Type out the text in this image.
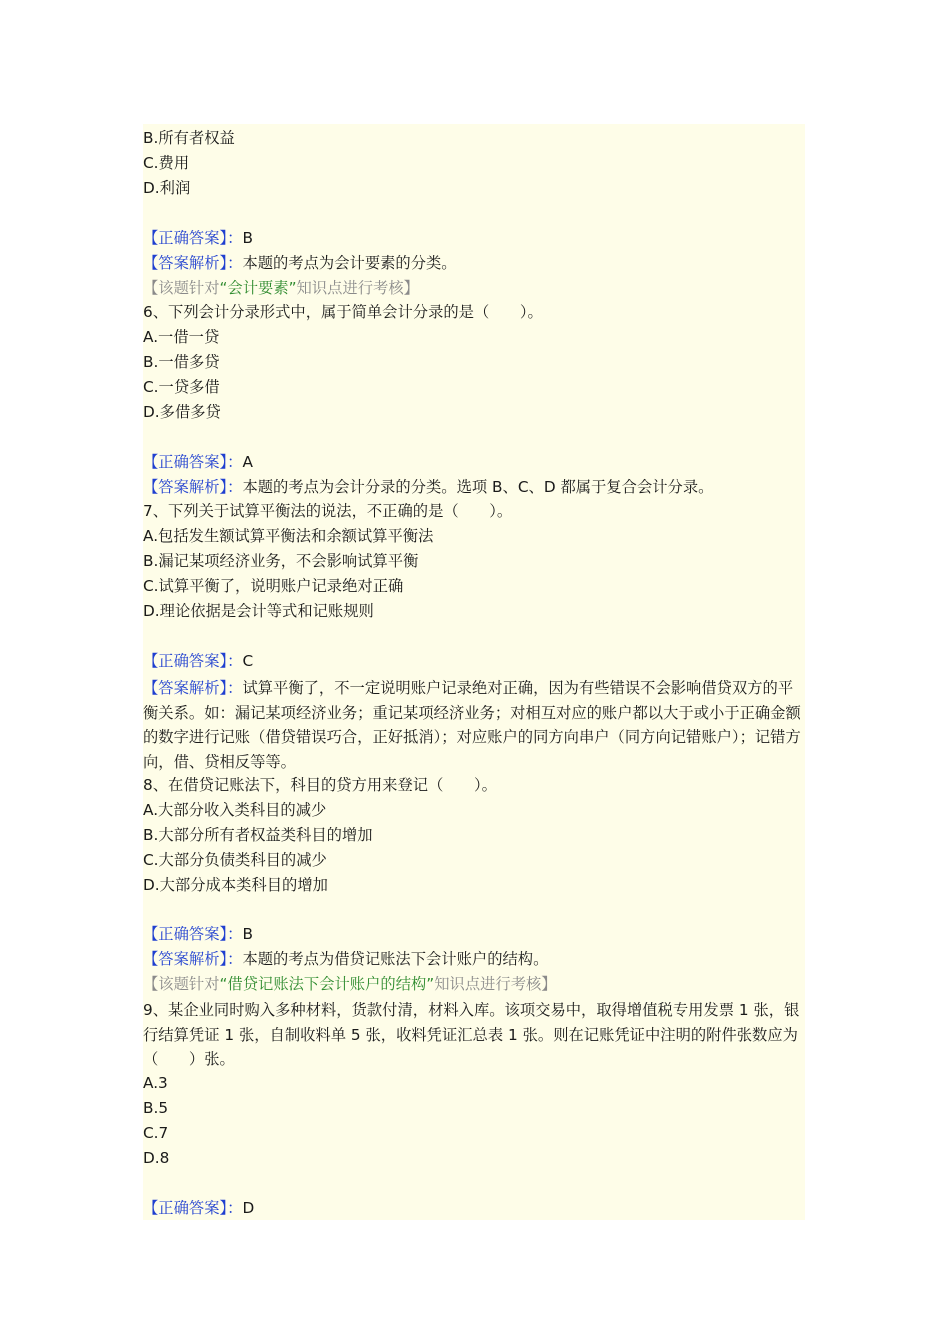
B.所有者权益
C.费用
D.利润
【正确答案】：B
【答案解析】：本题的考点为会计要素的分类。
【该题针对“会计要素”知识点进行考核】
6、下列会计分录形式中，属于简单会计分录的是（　　）。
A.一借一贷
B.一借多贷
C.一贷多借
D.多借多贷
【正确答案】：A
【答案解析】：本题的考点为会计分录的分类。选项 B、C、D 都属于复合会计分录。
7、下列关于试算平衡法的说法，不正确的是（　　）。
A.包括发生额试算平衡法和余额试算平衡法
B.漏记某项经济业务，不会影响试算平衡
C.试算平衡了，说明账户记录绝对正确
D.理论依据是会计等式和记账规则
【正确答案】：C
【答案解析】：试算平衡了，不一定说明账户记录绝对正确，因为有些错误不会影响借贷双方的平衡关系。如：漏记某项经济业务；重记某项经济业务；对相互对应的账户都以大于或小于正确金额的数字进行记账（借贷错误巧合，正好抵消）；对应账户的同方向串户（同方向记错账户）；记错方向，借、贷相反等等。
8、在借贷记账法下，科目的贷方用来登记（　　）。
A.大部分收入类科目的减少
B.大部分所有者权益类科目的增加
C.大部分负债类科目的减少
D.大部分成本类科目的增加
【正确答案】：B
【答案解析】：本题的考点为借贷记账法下会计账户的结构。
【该题针对“借贷记账法下会计账户的结构”知识点进行考核】
9、某企业同时购入多种材料，货款付清，材料入库。该项交易中，取得增值税专用发票 1 张，银行结算凭证 1 张，自制收料单 5 张，收料凭证汇总表 1 张。则在记账凭证中注明的附件张数应为（　　）张。
A.3
B.5
C.7
D.8
【正确答案】：D
